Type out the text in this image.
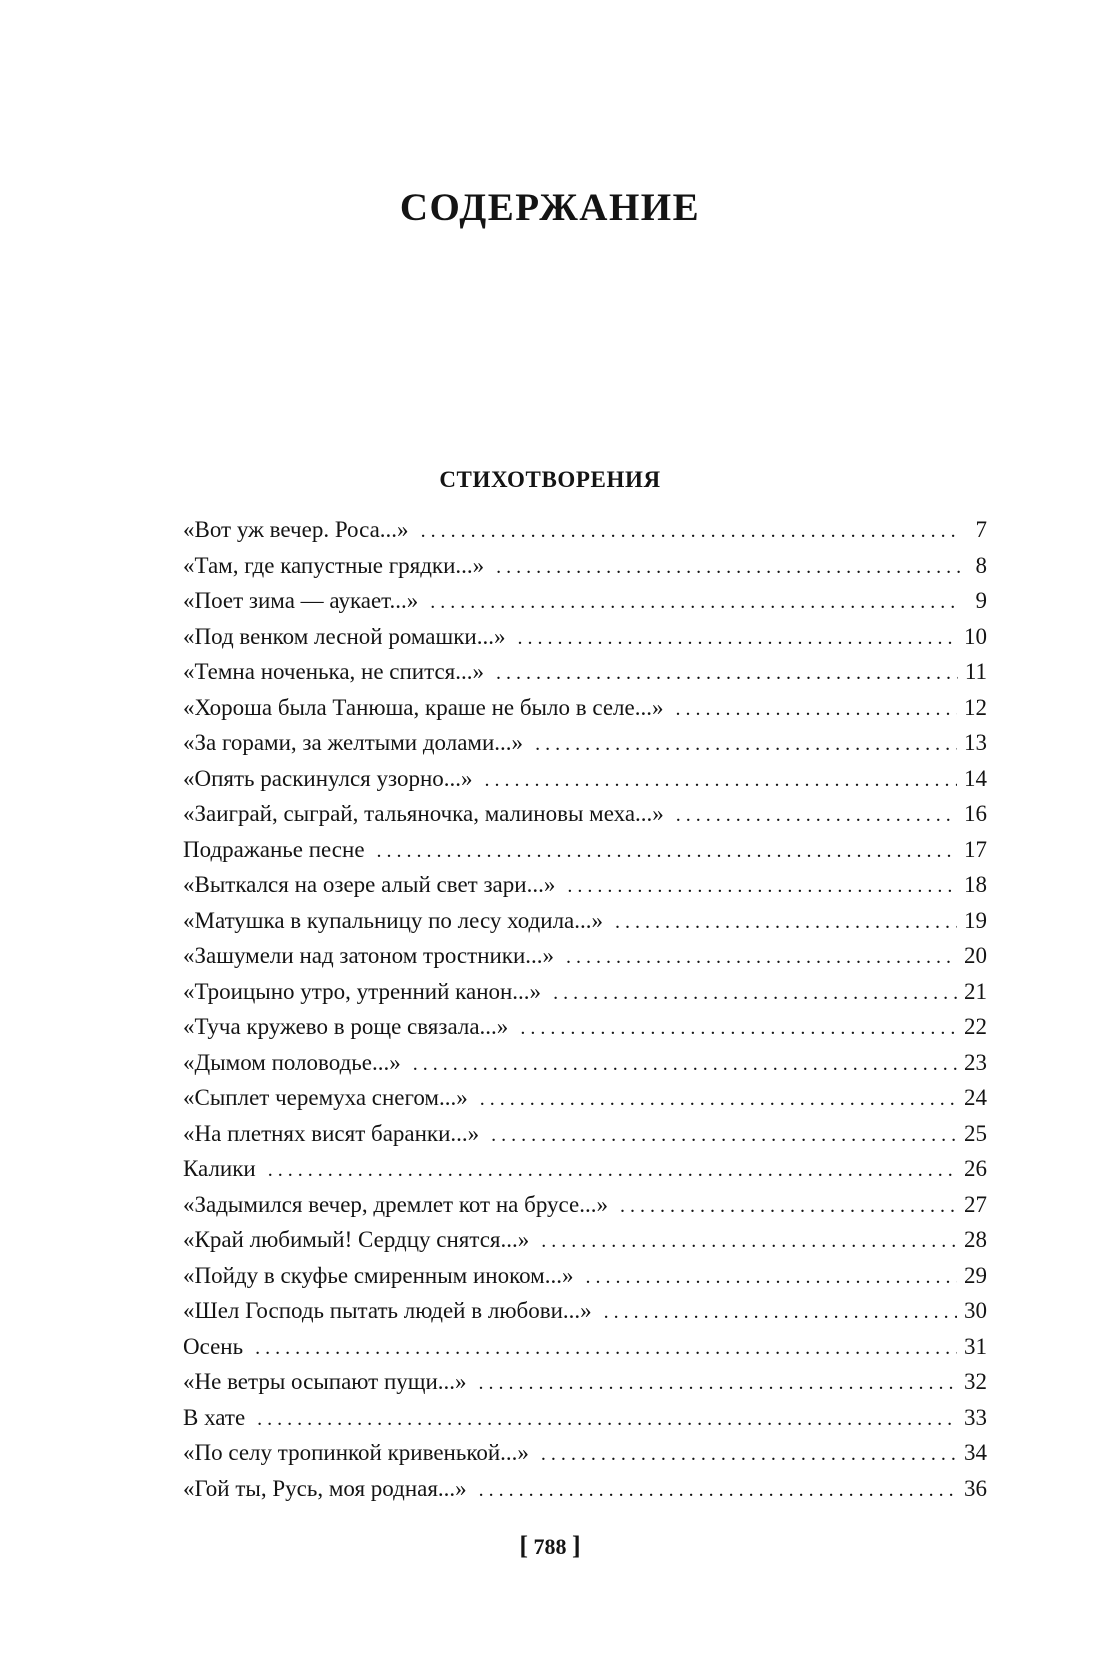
СОДЕРЖАНИЕ
СТИХОТВОРЕНИЯ
«Вот уж вечер. Роса...» . . .	7
«Там, где капустные грядки...» . . .	8
«Поет зима — аукает...» . . .	9
«Под венком лесной ромашки...» . . .	10
«Темна ноченька, не спится...» . . .	11
«Хороша была Танюша, краше не было в селе...» . . .	12
«За горами, за желтыми долами...» . . .	13
«Опять раскинулся узорно...» . . .	14
«Заиграй, сыграй, тальяночка, малиновы меха...» . . .	16
Подражанье песне . . .	17
«Выткался на озере алый свет зари...» . . .	18
«Матушка в купальницу по лесу ходила...» . . .	19
«Зашумели над затоном тростники...» . . .	20
«Троицыно утро, утренний канон...» . . .	21
«Туча кружево в роще связала...» . . .	22
«Дымом половодье...» . . .	23
«Сыплет черемуха снегом...» . . .	24
«На плетнях висят баранки...» . . .	25
Калики . . .	26
«Задымился вечер, дремлет кот на брусе...» . . .	27
«Край любимый! Сердцу снятся...» . . .	28
«Пойду в скуфье смиренным иноком...» . . .	29
«Шел Господь пытать людей в любови...» . . .	30
Осень . . .	31
«Не ветры осыпают пущи...» . . .	32
В хате . . .	33
«По селу тропинкой кривенькой...» . . .	34
«Гой ты, Русь, моя родная...» . . .	36
[ 788 ]
